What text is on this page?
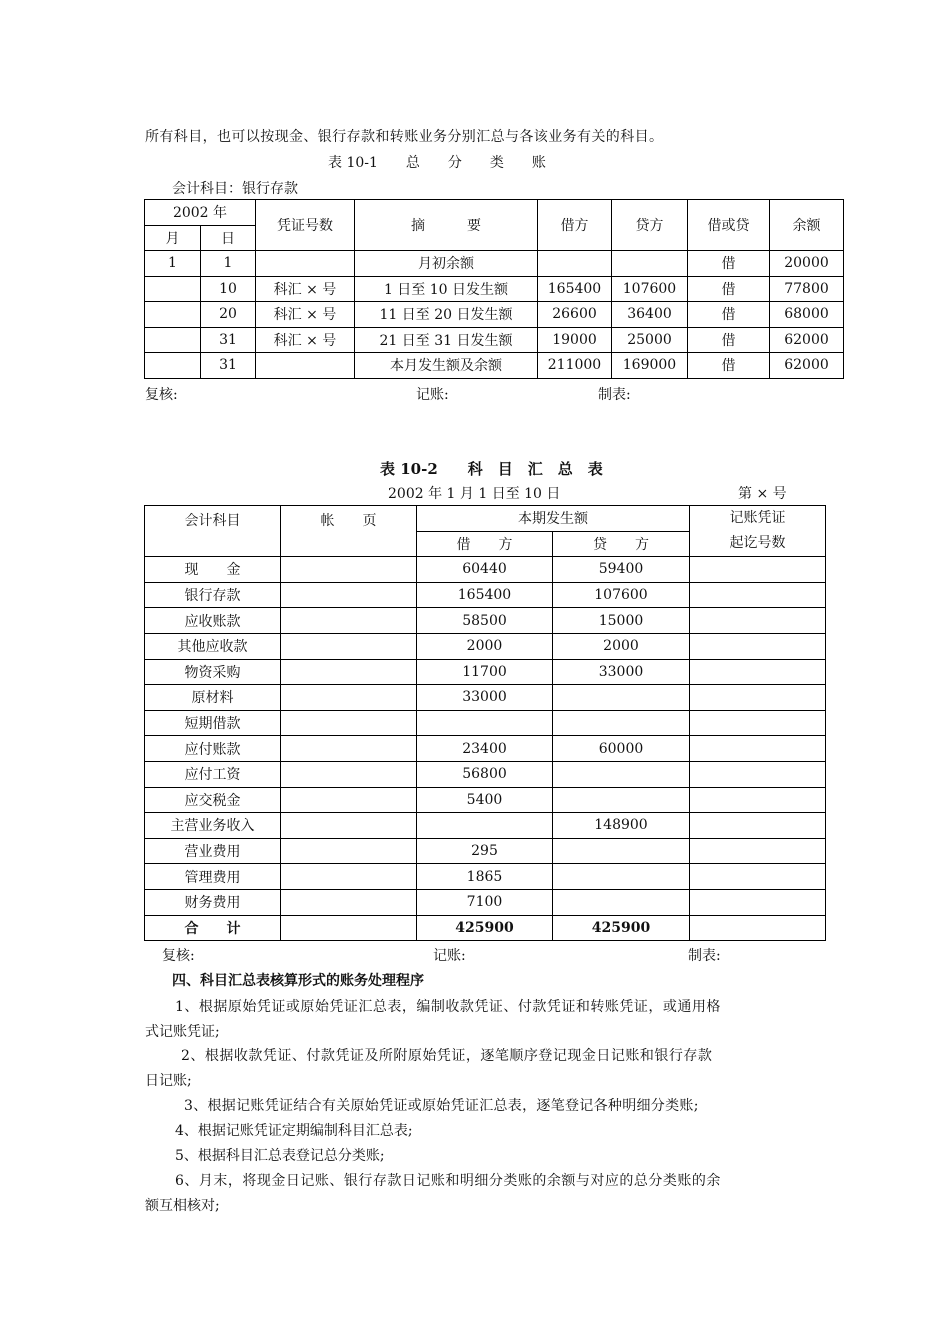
所有科目，也可以按现金、银行存款和转账业务分别汇总与各该业务有关的科目。
表 10-1　　总　　分　　类　　账
会计科目：银行存款
2002 年		凭证号数	摘　　　要	借方	贷方	借或贷	余额
月	日						
1	1		月初余额			借	20000
	10	科汇 × 号	1 日至 10 日发生额	165400	107600	借	77800
	20	科汇 × 号	11 日至 20 日发生额	26600	36400	借	68000
	31	科汇 × 号	21 日至 31 日发生额	19000	25000	借	62000
	31		本月发生额及余额	211000	169000	借	62000
复核:	记账:	制表:
表 10-2　　科　目　汇　总　表
2002 年 1 月 1 日至 10 日	第 × 号
会计科目	帐　　页	本期发生额		记账凭证
起讫号数

		借　　方	贷　　方	
现　　金		60440	59400	
银行存款		165400	107600	
应收账款		58500	15000	
其他应收款		2000	2000	
物资采购		11700	33000	
原材料		33000		
短期借款				
应付账款		23400	60000	
应付工资		56800		
应交税金		5400		
主营业务收入			148900	
营业费用		295		
管理费用		1865		
财务费用		7100		
合　　计		425900	425900	
复核:	记账:	制表:
四、科目汇总表核算形式的账务处理程序
1、根据原始凭证或原始凭证汇总表，编制收款凭证、付款凭证和转账凭证，或通用格
式记账凭证;
2、根据收款凭证、付款凭证及所附原始凭证，逐笔顺序登记现金日记账和银行存款
日记账;
3、根据记账凭证结合有关原始凭证或原始凭证汇总表，逐笔登记各种明细分类账;
4、根据记账凭证定期编制科目汇总表;
5、根据科目汇总表登记总分类账;
6、月末，将现金日记账、银行存款日记账和明细分类账的余额与对应的总分类账的余
额互相核对;
